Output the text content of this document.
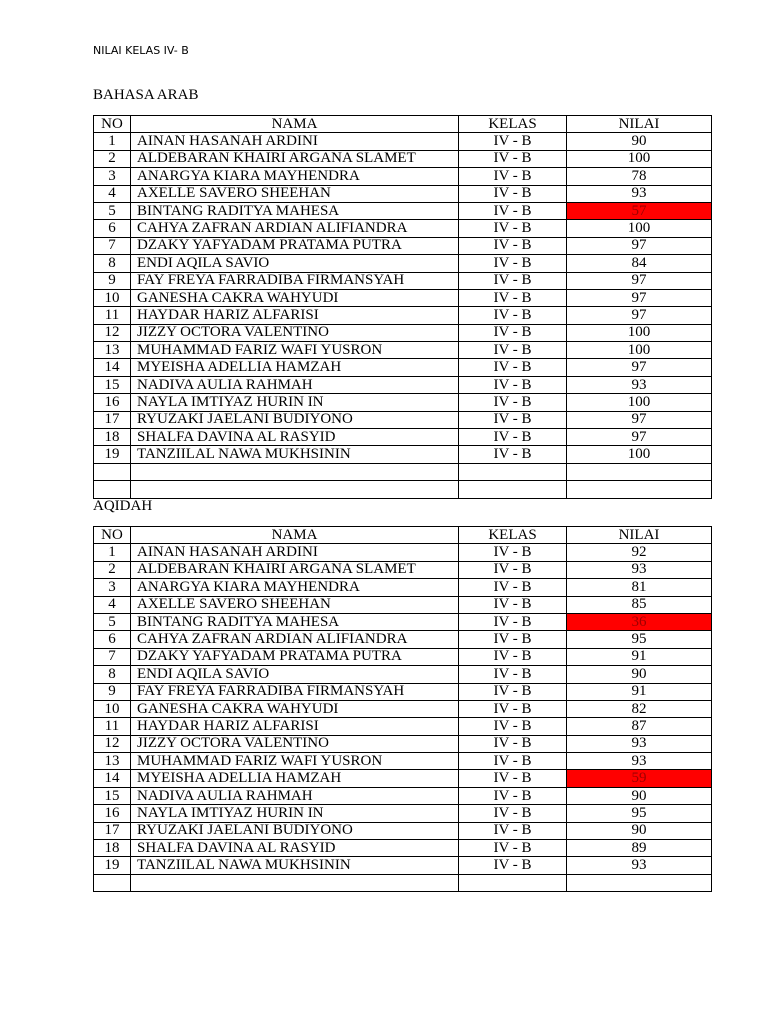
NILAI KELAS IV- B
BAHASA ARAB
NO	NAMA	KELAS	NILAI
1	AINAN HASANAH ARDINI	IV - B	90
2	ALDEBARAN KHAIRI ARGANA SLAMET	IV - B	100
3	ANARGYA KIARA MAYHENDRA	IV - B	78
4	AXELLE SAVERO SHEEHAN	IV - B	93
5	BINTANG RADITYA MAHESA	IV - B	57
6	CAHYA ZAFRAN ARDIAN ALIFIANDRA	IV - B	100
7	DZAKY YAFYADAM PRATAMA PUTRA	IV - B	97
8	ENDI AQILA SAVIO	IV - B	84
9	FAY FREYA FARRADIBA FIRMANSYAH	IV - B	97
10	GANESHA CAKRA WAHYUDI	IV - B	97
11	HAYDAR HARIZ ALFARISI	IV - B	97
12	JIZZY OCTORA VALENTINO	IV - B	100
13	MUHAMMAD FARIZ WAFI YUSRON	IV - B	100
14	MYEISHA ADELLIA HAMZAH	IV - B	97
15	NADIVA AULIA RAHMAH	IV - B	93
16	NAYLA IMTIYAZ HURIN IN	IV - B	100
17	RYUZAKI JAELANI BUDIYONO	IV - B	97
18	SHALFA DAVINA AL RASYID	IV - B	97
19	TANZIILAL NAWA MUKHSININ	IV - B	100

AQIDAH
NO	NAMA	KELAS	NILAI
1	AINAN HASANAH ARDINI	IV - B	92
2	ALDEBARAN KHAIRI ARGANA SLAMET	IV - B	93
3	ANARGYA KIARA MAYHENDRA	IV - B	81
4	AXELLE SAVERO SHEEHAN	IV - B	85
5	BINTANG RADITYA MAHESA	IV - B	36
6	CAHYA ZAFRAN ARDIAN ALIFIANDRA	IV - B	95
7	DZAKY YAFYADAM PRATAMA PUTRA	IV - B	91
8	ENDI AQILA SAVIO	IV - B	90
9	FAY FREYA FARRADIBA FIRMANSYAH	IV - B	91
10	GANESHA CAKRA WAHYUDI	IV - B	82
11	HAYDAR HARIZ ALFARISI	IV - B	87
12	JIZZY OCTORA VALENTINO	IV - B	93
13	MUHAMMAD FARIZ WAFI YUSRON	IV - B	93
14	MYEISHA ADELLIA HAMZAH	IV - B	59
15	NADIVA AULIA RAHMAH	IV - B	90
16	NAYLA IMTIYAZ HURIN IN	IV - B	95
17	RYUZAKI JAELANI BUDIYONO	IV - B	90
18	SHALFA DAVINA AL RASYID	IV - B	89
19	TANZIILAL NAWA MUKHSININ	IV - B	93
